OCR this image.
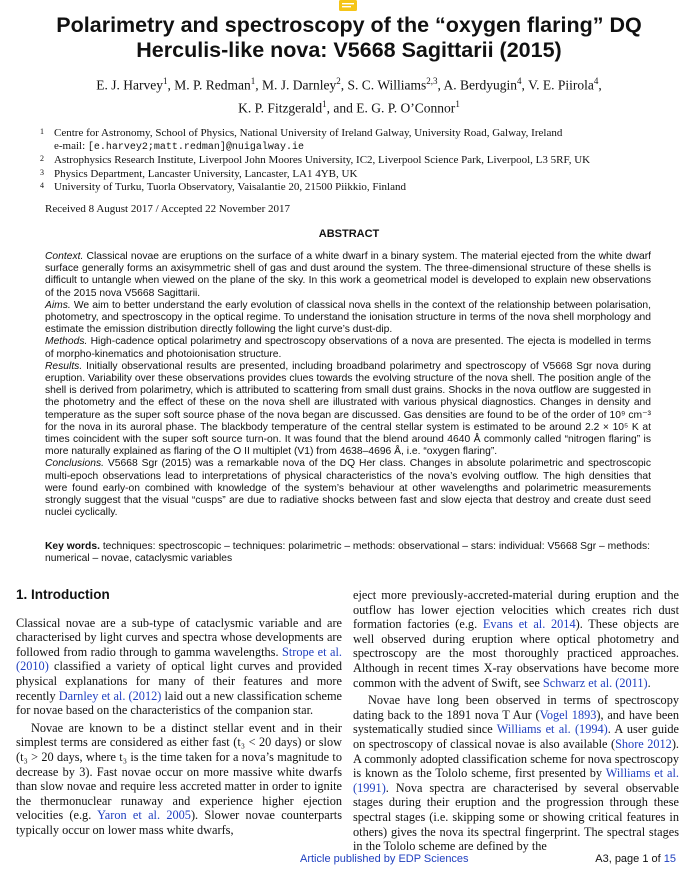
Polarimetry and spectroscopy of the “oxygen flaring” DQ
Herculis-like nova: V5668 Sagittarii (2015)
E. J. Harvey$^1$, M. P. Redman$^1$, M. J. Darnley$^2$, S. C. Williams$^{2,3}$, A. Berdyugin$^4$, V. E. Piirola$^4$,
K. P. Fitzgerald$^1$, and E. G. P. O’Connor$^1$
1 Centre for Astronomy, School of Physics, National University of Ireland Galway, University Road, Galway, Ireland
e-mail: [e.harvey2;matt.redman]@nuigalway.ie
2 Astrophysics Research Institute, Liverpool John Moores University, IC2, Liverpool Science Park, Liverpool, L3 5RF, UK
3 Physics Department, Lancaster University, Lancaster, LA1 4YB, UK
4 University of Turku, Tuorla Observatory, Vaisalantie 20, 21500 Piikkio, Finland
Received 8 August 2017 / Accepted 22 November 2017
ABSTRACT

Context. Classical novae are eruptions on the surface of a white dwarf in a binary system. The material ejected from the white dwarf surface generally forms an axisymmetric shell of gas and dust around the system. The three-dimensional structure of these shells is difficult to untangle when viewed on the plane of the sky. In this work a geometrical model is developed to explain new observations of the 2015 nova V5668 Sagittarii.

Aims. We aim to better understand the early evolution of classical nova shells in the context of the relationship between polarisation, photometry, and spectroscopy in the optical regime. To understand the ionisation structure in terms of the nova shell morphology and estimate the emission distribution directly following the light curve’s dust-dip.

Methods. High-cadence optical polarimetry and spectroscopy observations of a nova are presented. The ejecta is modelled in terms of morpho-kinematics and photoionisation structure.

Results. Initially observational results are presented, including broadband polarimetry and spectroscopy of V5668 Sgr nova during eruption. Variability over these observations provides clues towards the evolving structure of the nova shell. The position angle of the shell is derived from polarimetry, which is attributed to scattering from small dust grains. Shocks in the nova outflow are suggested in the photometry and the effect of these on the nova shell are illustrated with various physical diagnostics. Changes in density and temperature as the super soft source phase of the nova began are discussed. Gas densities are found to be of the order of 10⁹ cm⁻³ for the nova in its auroral phase. The blackbody temperature of the central stellar system is estimated to be around 2.2 × 10⁵ K at times coincident with the super soft source turn-on. It was found that the blend around 4640 Å commonly called “nitrogen flaring” is more naturally explained as flaring of the O II multiplet (V1) from 4638–4696 Å, i.e. “oxygen flaring”.

Conclusions. V5668 Sgr (2015) was a remarkable nova of the DQ Her class. Changes in absolute polarimetric and spectroscopic multi-epoch observations lead to interpretations of physical characteristics of the nova’s evolving outflow. The high densities that were found early-on combined with knowledge of the system’s behaviour at other wavelengths and polarimetric measurements strongly suggest that the visual “cusps” are due to radiative shocks between fast and slow ejecta that destroy and create dust seed nuclei cyclically.

Key words. techniques: spectroscopic – techniques: polarimetric – methods: observational – stars: individual: V5668 Sgr – methods: numerical – novae, cataclysmic variables
1. Introduction

Classical novae are a sub-type of cataclysmic variable and are characterised by light curves and spectra whose developments are followed from radio through to gamma wavelengths. Strope et al. (2010) classified a variety of optical light curves and provided physical explanations for many of their features and more recently Darnley et al. (2012) laid out a new classification scheme for novae based on the characteristics of the companion star.

Novae are known to be a distinct stellar event and in their simplest terms are considered as either fast (t₃ < 20 days) or slow (t₃ > 20 days, where t₃ is the time taken for a nova’s magnitude to decrease by 3). Fast novae occur on more massive white dwarfs than slow novae and require less accreted matter in order to ignite the thermonuclear runaway and experience higher ejection velocities (e.g. Yaron et al. 2005). Slower novae counterparts typically occur on lower mass white dwarfs,

eject more previously-accreted-material during eruption and the outflow has lower ejection velocities which creates rich dust formation factories (e.g. Evans et al. 2014). These objects are well observed during eruption where optical photometry and spectroscopy are the most thoroughly practiced approaches. Although in recent times X-ray observations have become more common with the advent of Swift, see Schwarz et al. (2011).

Novae have long been observed in terms of spectroscopy dating back to the 1891 nova T Aur (Vogel 1893), and have been systematically studied since Williams et al. (1994). A user guide on spectroscopy of classical novae is also available (Shore 2012). A commonly adopted classification scheme for nova spectroscopy is known as the Tololo scheme, first presented by Williams et al. (1991). Nova spectra are characterised by several observable stages during their eruption and the progression through these spectral stages (i.e. skipping some or showing critical features in others) gives the nova its spectral fingerprint. The spectral stages in the Tololo scheme are defined by the

Article published by EDP Sciences	A3, page 1 of 15
